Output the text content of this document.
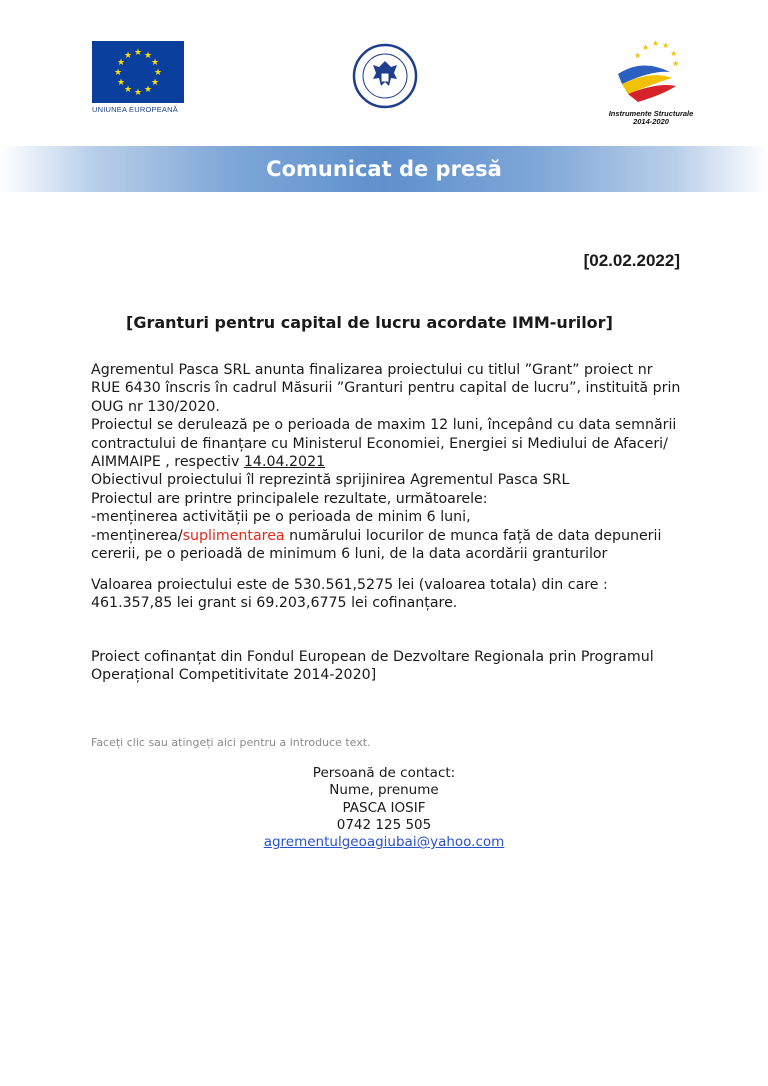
★ ★
★
★
★
★
★
★
★
★
★
★
UNIUNEA EUROPEANĂ
★ ★
★
★
★
★
Instrumente Structurale
2014-2020
Comunicat de presă
[02.02.2022]
[Granturi pentru capital de lucru acordate IMM-urilor]

Agrementul Pasca SRL anunta finalizarea proiectului cu titlul ”Grant” proiect nr

RUE 6430 înscris în cadrul Măsurii ”Granturi pentru capital de lucru”, instituită prin

OUG nr 130/2020.

Proiectul se derulează pe o perioada de maxim 12 luni, începând cu data semnării

contractului de finanțare cu Ministerul Economiei, Energiei si Mediului de Afaceri/

AIMMAIPE , respectiv 14.04.2021

Obiectivul proiectului îl reprezintă sprijinirea Agrementul Pasca SRL

Proiectul are printre principalele rezultate, următoarele:

-menținerea activității pe o perioada de minim 6 luni,

-menținerea/suplimentarea numărului locurilor de munca față de data depunerii

cererii, pe o perioadă de minimum 6 luni, de la data acordării granturilor

Valoarea proiectului este de 530.561,5275 lei (valoarea totala) din care :

461.357,85 lei grant si 69.203,6775 lei cofinanțare.

Proiect cofinanțat din Fondul European de Dezvoltare Regionala prin Programul

Operațional Competitivitate 2014-2020]

Faceți clic sau atingeți aici pentru a introduce text.
Persoană de contact:
Nume, prenume
PASCA IOSIF
0742 125 505
agrementulgeoagiubai@yahoo.com
